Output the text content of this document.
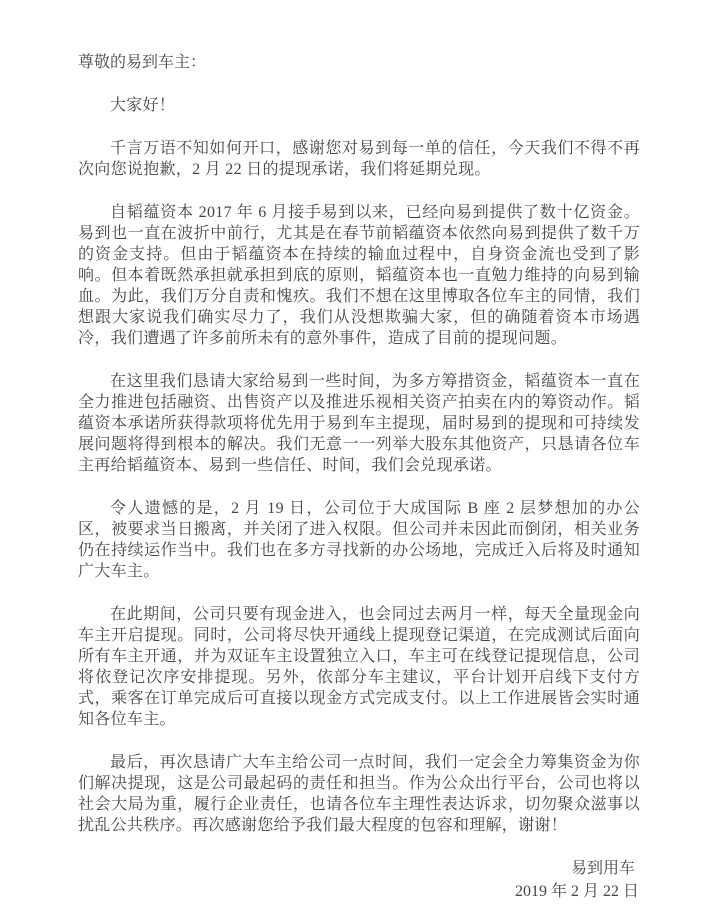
尊敬的易到车主：

大家好！

千言万语不知如何开口，感谢您对易到每一单的信任，今天我们不得不再次向您说抱歉，2 月 22 日的提现承诺，我们将延期兑现。

自韬蕴资本 2017 年 6 月接手易到以来，已经向易到提供了数十亿资金。易到也一直在波折中前行，尤其是在春节前韬蕴资本依然向易到提供了数千万的资金支持。但由于韬蕴资本在持续的输血过程中，自身资金流也受到了影响。但本着既然承担就承担到底的原则，韬蕴资本也一直勉力维持的向易到输血。为此，我们万分自责和愧疚。我们不想在这里博取各位车主的同情，我们想跟大家说我们确实尽力了，我们从没想欺骗大家，但的确随着资本市场遇冷，我们遭遇了许多前所未有的意外事件，造成了目前的提现问题。

在这里我们恳请大家给易到一些时间，为多方筹措资金，韬蕴资本一直在全力推进包括融资、出售资产以及推进乐视相关资产拍卖在内的筹资动作。韬蕴资本承诺所获得款项将优先用于易到车主提现，届时易到的提现和可持续发展问题将得到根本的解决。我们无意一一列举大股东其他资产，只恳请各位车主再给韬蕴资本、易到一些信任、时间，我们会兑现承诺。

令人遗憾的是，2 月 19 日，公司位于大成国际 B 座 2 层梦想加的办公区，被要求当日搬离，并关闭了进入权限。但公司并未因此而倒闭，相关业务仍在持续运作当中。我们也在多方寻找新的办公场地，完成迁入后将及时通知广大车主。

在此期间，公司只要有现金进入，也会同过去两月一样，每天全量现金向车主开启提现。同时，公司将尽快开通线上提现登记渠道，在完成测试后面向所有车主开通，并为双证车主设置独立入口，车主可在线登记提现信息，公司将依登记次序安排提现。另外，依部分车主建议，平台计划开启线下支付方式，乘客在订单完成后可直接以现金方式完成支付。以上工作进展皆会实时通知各位车主。

最后，再次恳请广大车主给公司一点时间，我们一定会全力筹集资金为你们解决提现，这是公司最起码的责任和担当。作为公众出行平台，公司也将以社会大局为重，履行企业责任，也请各位车主理性表达诉求，切勿聚众滋事以扰乱公共秩序。再次感谢您给予我们最大程度的包容和理解，谢谢！

易到用车
2019 年 2 月 22 日
